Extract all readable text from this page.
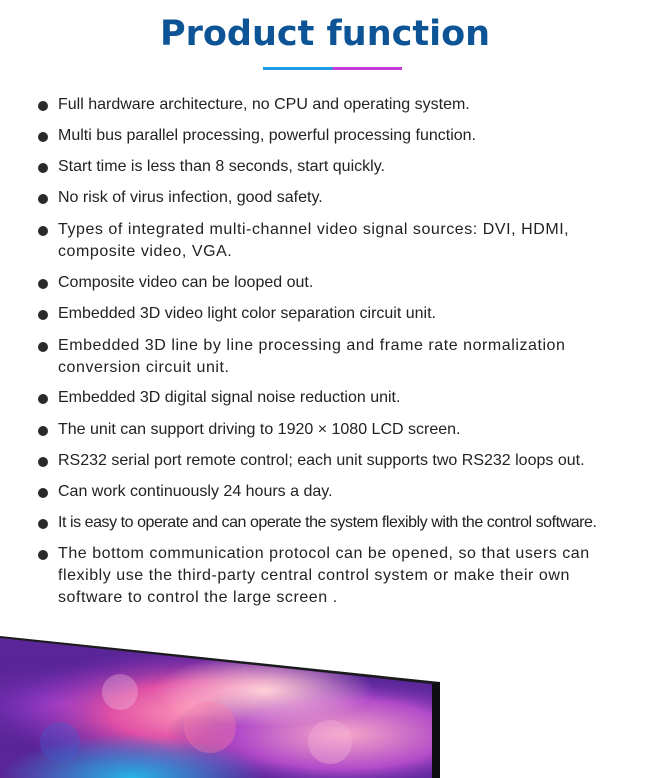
Product function
Full hardware architecture, no CPU and operating system.
Multi bus parallel processing, powerful processing function.
Start time is less than 8 seconds, start quickly.
No risk of virus infection, good safety.
Types of integrated multi-channel video signal sources: DVI, HDMI, composite video, VGA.
Composite video can be looped out.
Embedded 3D video light color separation circuit unit.
Embedded 3D line by line processing and frame rate normalization conversion circuit unit.
Embedded 3D digital signal noise reduction unit.
The unit can support driving to 1920 × 1080 LCD screen.
RS232 serial port remote control; each unit supports two RS232 loops out.
Can work continuously 24 hours a day.
It is easy to operate and can operate the system flexibly with the control software.
The bottom communication protocol can be opened, so that users can flexibly use the third-party central control system or make their own software to control the large screen .
